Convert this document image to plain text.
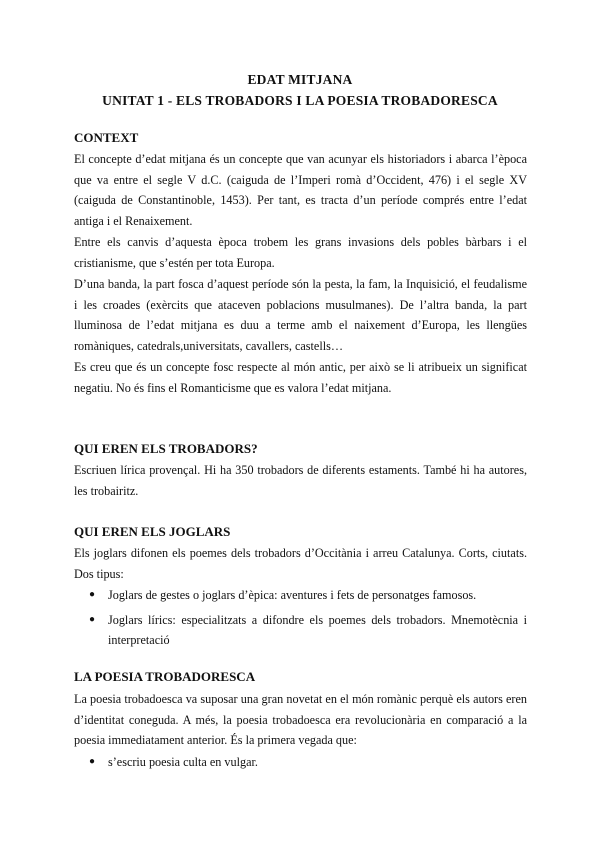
EDAT MITJANA
UNITAT 1 - ELS TROBADORS I LA POESIA TROBADORESCA
CONTEXT

El concepte d’edat mitjana és un concepte que van acunyar els historiadors i abarca l’època que va entre el segle V d.C. (caiguda de l’Imperi romà d’Occident, 476) i el segle XV (caiguda de Constantinoble, 1453). Per tant, es tracta d’un període comprés entre l’edat antiga i el Renaixement.

Entre els canvis d’aquesta època trobem les grans invasions dels pobles bàrbars i el cristianisme, que s’estén per tota Europa.

D’una banda, la part fosca d’aquest període són la pesta, la fam, la Inquisició, el feudalisme i les croades (exèrcits que ataceven poblacions musulmanes). De l’altra banda, la part lluminosa de l’edat mitjana es duu a terme amb el naixement d’Europa, les llengües romàniques, catedrals,universitats, cavallers, castells…

Es creu que és un concepte fosc respecte al món antic, per això se li atribueix un significat negatiu. No és fins el Romanticisme que es valora l’edat mitjana.

QUI EREN ELS TROBADORS?

Escriuen lírica provençal. Hi ha 350 trobadors de diferents estaments. També hi ha autores, les trobairitz.

QUI EREN ELS JOGLARS

Els joglars difonen els poemes dels trobadors d’Occitània i arreu Catalunya. Corts, ciutats. Dos tipus:

● Joglars de gestes o joglars d’èpica: aventures i fets de personatges famosos.
● Joglars lírics: especialitzats a difondre els poemes dels trobadors. Mnemotècnia i interpretació
LA POESIA TROBADORESCA

La poesia trobadoesca va suposar una gran novetat en el món romànic perquè els autors eren d’identitat coneguda. A més, la poesia trobadoesca era revolucionària en comparació a la poesia immediatament anterior. És la primera vegada que:

● s’escriu poesia culta en vulgar.
